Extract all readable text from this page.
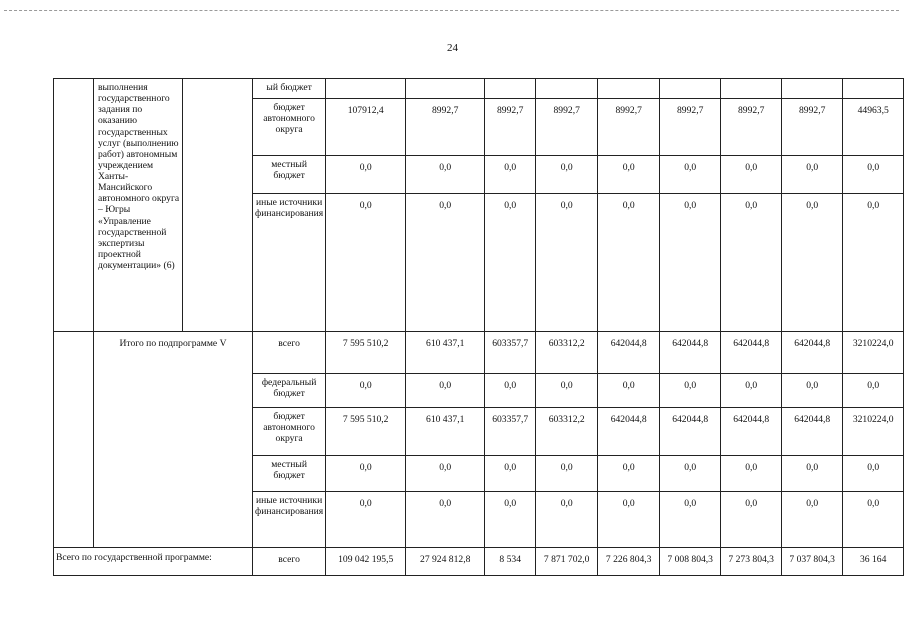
24
	выполнения государственного задания по оказанию государственных услуг (выполнению работ) автономным учреждением Ханты-Мансийского автономного округа – Югры «Управление государственной экспертизы проектной документации» (6)		ый бюджет									
			бюджет автономного округа	107912,4	8992,7	8992,7	8992,7	8992,7	8992,7	8992,7	8992,7	44963,5
			местный бюджет	0,0	0,0	0,0	0,0	0,0	0,0	0,0	0,0	0,0
			иные источники финансирования	0,0	0,0	0,0	0,0	0,0	0,0	0,0	0,0	0,0
	Итого по подпрограмме V		всего	7 595 510,2	610 437,1	603357,7	603312,2	642044,8	642044,8	642044,8	642044,8	3210224,0
			федеральный бюджет	0,0	0,0	0,0	0,0	0,0	0,0	0,0	0,0	0,0
			бюджет автономного округа	7 595 510,2	610 437,1	603357,7	603312,2	642044,8	642044,8	642044,8	642044,8	3210224,0
			местный бюджет	0,0	0,0	0,0	0,0	0,0	0,0	0,0	0,0	0,0
			иные источники финансирования	0,0	0,0	0,0	0,0	0,0	0,0	0,0	0,0	0,0
Всего по государственной программе:			всего	109 042 195,5	27 924 812,8	8 534	7 871 702,0	7 226 804,3	7 008 804,3	7 273 804,3	7 037 804,3	36 164
